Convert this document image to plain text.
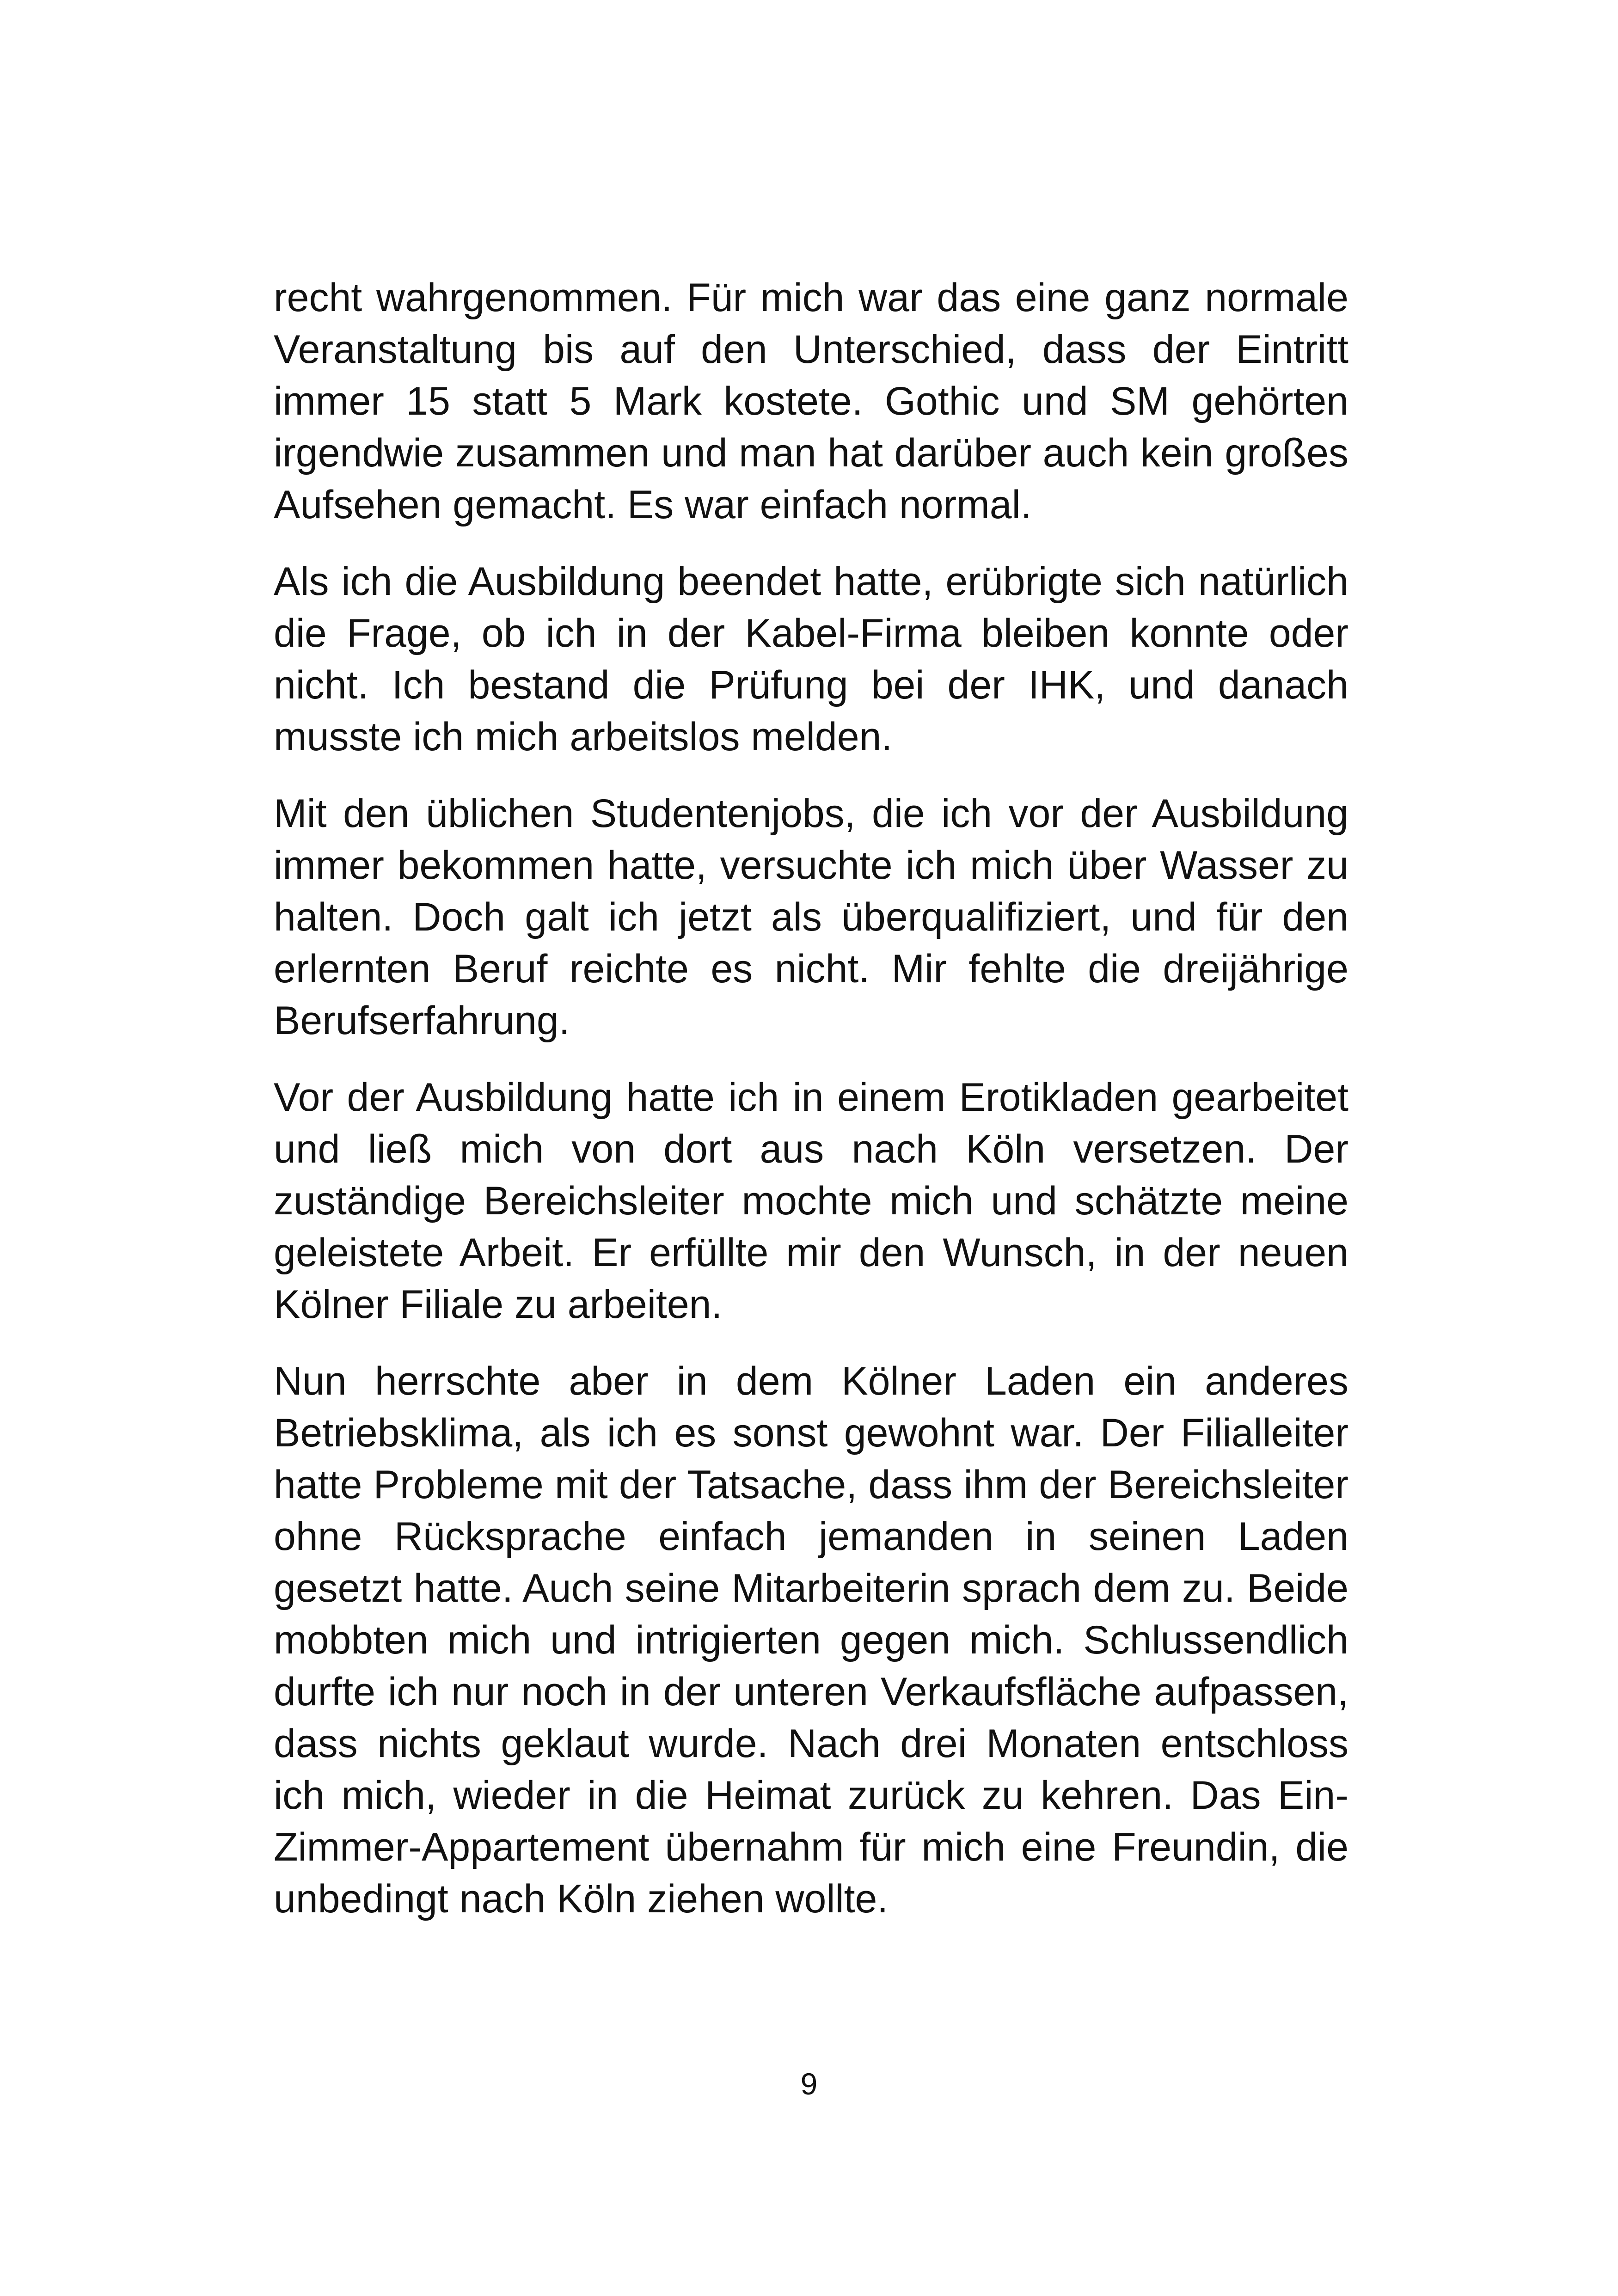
recht wahrgenommen. Für mich war das eine ganz normale Veranstaltung bis auf den Unterschied, dass der Eintritt immer 15 statt 5 Mark kostete. Gothic und SM gehörten irgendwie zusammen und man hat darüber auch kein großes Aufsehen gemacht. Es war einfach normal.

Als ich die Ausbildung beendet hatte, erübrigte sich natürlich die Frage, ob ich in der Kabel-Firma bleiben konnte oder nicht. Ich bestand die Prüfung bei der IHK, und danach musste ich mich arbeitslos melden.

Mit den üblichen Studentenjobs, die ich vor der Ausbildung immer bekommen hatte, versuchte ich mich über Wasser zu halten. Doch galt ich jetzt als überqualifiziert, und für den erlernten Beruf reichte es nicht. Mir fehlte die dreijährige Berufserfahrung.

Vor der Ausbildung hatte ich in einem Erotikladen gearbeitet und ließ mich von dort aus nach Köln versetzen. Der zuständige Bereichsleiter mochte mich und schätzte meine geleistete Arbeit. Er erfüllte mir den Wunsch, in der neuen Kölner Filiale zu arbeiten.

Nun herrschte aber in dem Kölner Laden ein anderes Betriebsklima, als ich es sonst gewohnt war. Der Filialleiter hatte Probleme mit der Tatsache, dass ihm der Bereichsleiter ohne Rücksprache einfach jemanden in seinen Laden gesetzt hatte. Auch seine Mitarbeiterin sprach dem zu. Beide mobbten mich und intrigierten gegen mich. Schlussendlich durfte ich nur noch in der unteren Verkaufsfläche aufpassen, dass nichts geklaut wurde. Nach drei Monaten entschloss ich mich, wieder in die Heimat zurück zu kehren. Das Ein-Zimmer-Appartement übernahm für mich eine Freundin, die unbedingt nach Köln ziehen wollte.

9
